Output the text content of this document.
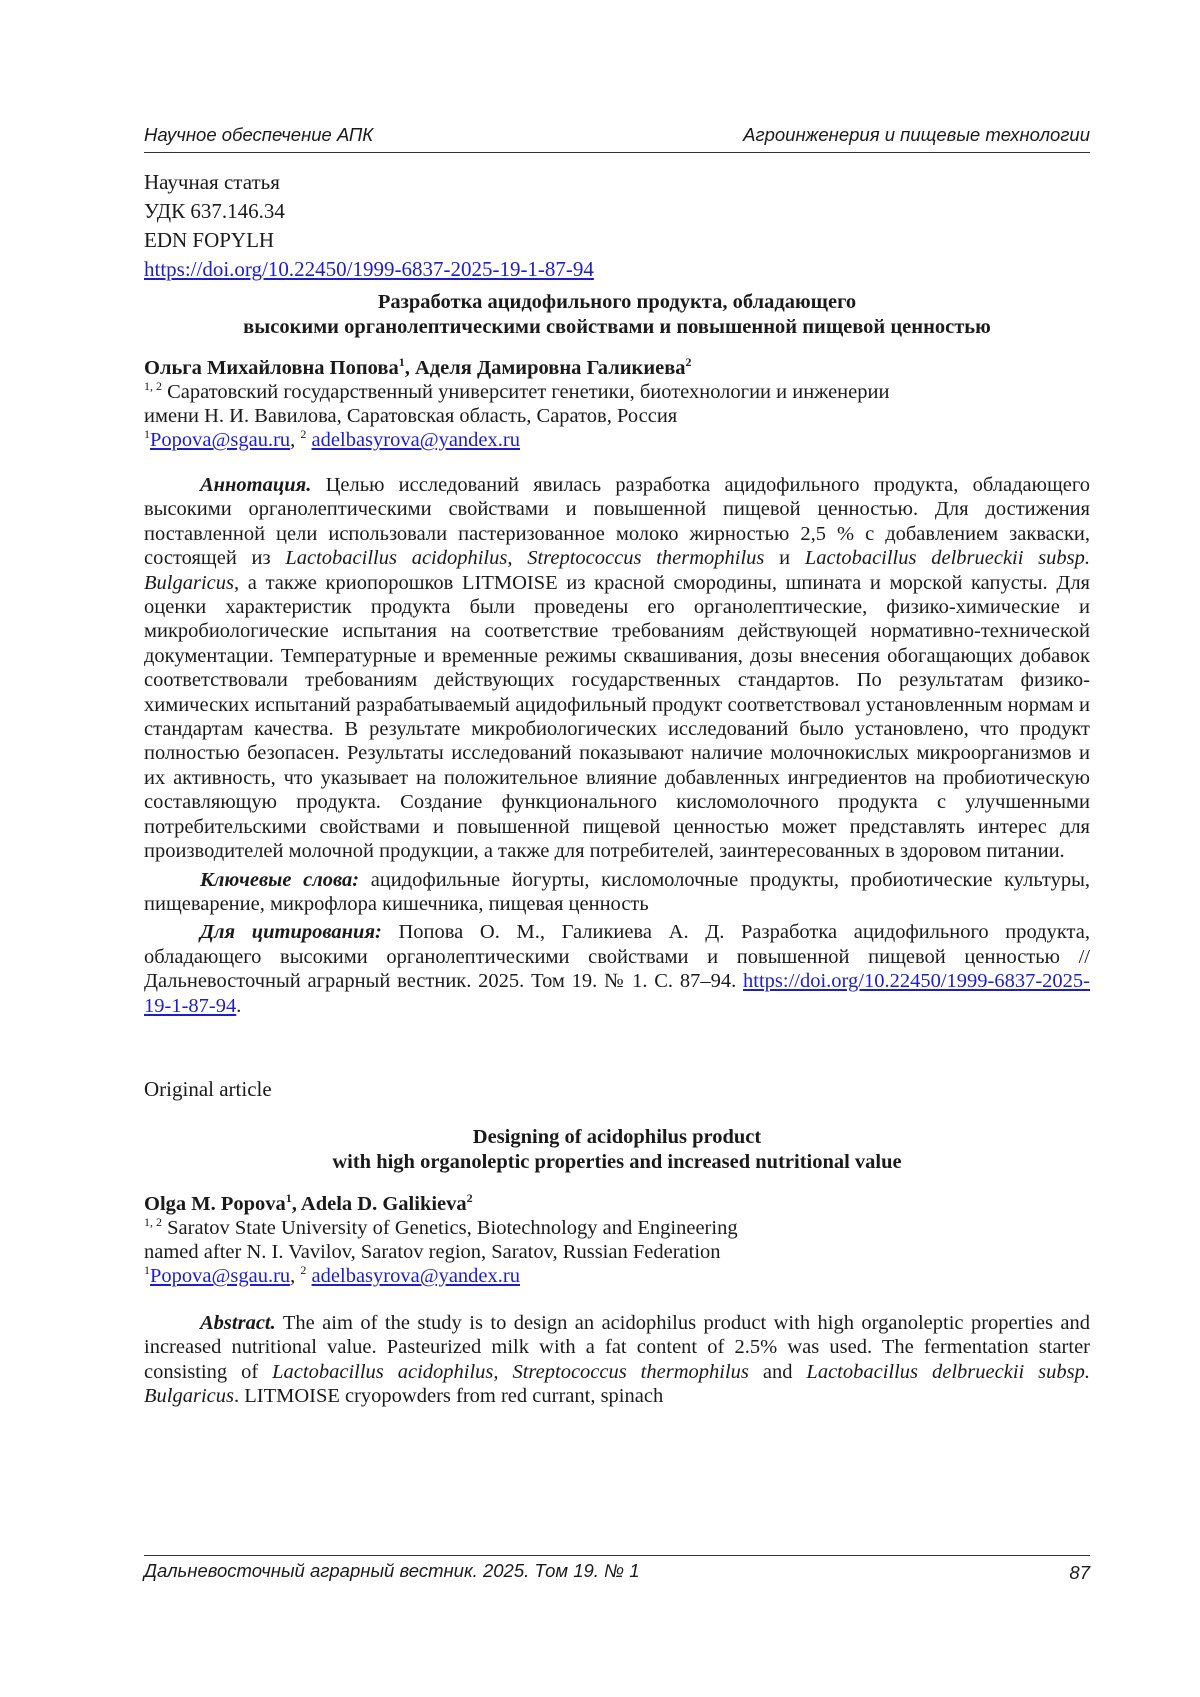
Научное обеспечение АПК	Агроинженерия и пищевые технологии
Научная статья
УДК 637.146.34
EDN FOPYLH
https://doi.org/10.22450/1999-6837-2025-19-1-87-94
Разработка ацидофильного продукта, обладающего
высокими органолептическими свойствами и повышенной пищевой ценностью
Ольга Михайловна Попова$^1$, Аделя Дамировна Галикиева$^2$
$^{1, 2}$ Саратовский государственный университет генетики, биотехнологии и инженерии
имени Н. И. Вавилова, Саратовская область, Саратов, Россия
$^1$Popova@sgau.ru, $^2$ adelbasyrova@yandex.ru

Аннотация. Целью исследований явилась разработка ацидофильного продукта, обладающего высокими органолептическими свойствами и повышенной пищевой ценностью. Для достижения поставленной цели использовали пастеризованное молоко жирностью 2,5 % с добавлением закваски, состоящей из Lactobacillus acidophilus, Streptococcus thermophilus и Lactobacillus delbrueckii subsp. Bulgaricus, а также криопорошков LITMOISE из красной смородины, шпината и морской капусты. Для оценки характеристик продукта были проведены его органолептические, физико-химические и микробиологические испытания на соответствие требованиям действующей нормативно-технической документации. Температурные и временные режимы сквашивания, дозы внесения обогащающих добавок соответствовали требованиям действующих государственных стандартов. По результатам физико-химических испытаний разрабатываемый ацидофильный продукт соответствовал установленным нормам и стандартам качества. В результате микробиологических исследований было установлено, что продукт полностью безопасен. Результаты исследований показывают наличие молочнокислых микроорганизмов и их активность, что указывает на положительное влияние добавленных ингредиентов на пробиотическую составляющую продукта. Создание функционального кисломолочного продукта с улучшенными потребительскими свойствами и повышенной пищевой ценностью может представлять интерес для производителей молочной продукции, а также для потребителей, заинтересованных в здоровом питании.

Ключевые слова: ацидофильные йогурты, кисломолочные продукты, пробиотические культуры, пищеварение, микрофлора кишечника, пищевая ценность

Для цитирования: Попова О. М., Галикиева А. Д. Разработка ацидофильного продукта, обладающего высокими органолептическими свойствами и повышенной пищевой ценностью // Дальневосточный аграрный вестник. 2025. Том 19. № 1. С. 87–94. https://doi.org/10.22450/1999-6837-2025-19-1-87-94.

Original article
Designing of acidophilus product
with high organoleptic properties and increased nutritional value
Olga M. Popova$^1$, Adela D. Galikieva$^2$
$^{1, 2}$ Saratov State University of Genetics, Biotechnology and Engineering
named after N. I. Vavilov, Saratov region, Saratov, Russian Federation
$^1$Popova@sgau.ru, $^2$ adelbasyrova@yandex.ru

Abstract. The aim of the study is to design an acidophilus product with high organoleptic properties and increased nutritional value. Pasteurized milk with a fat content of 2.5% was used. The fermentation starter consisting of Lactobacillus acidophilus, Streptococcus thermophilus and Lactobacillus delbrueckii subsp. Bulgaricus. LITMOISE cryopowders from red currant, spinach

Дальневосточный аграрный вестник. 2025. Том 19. № 1	87
